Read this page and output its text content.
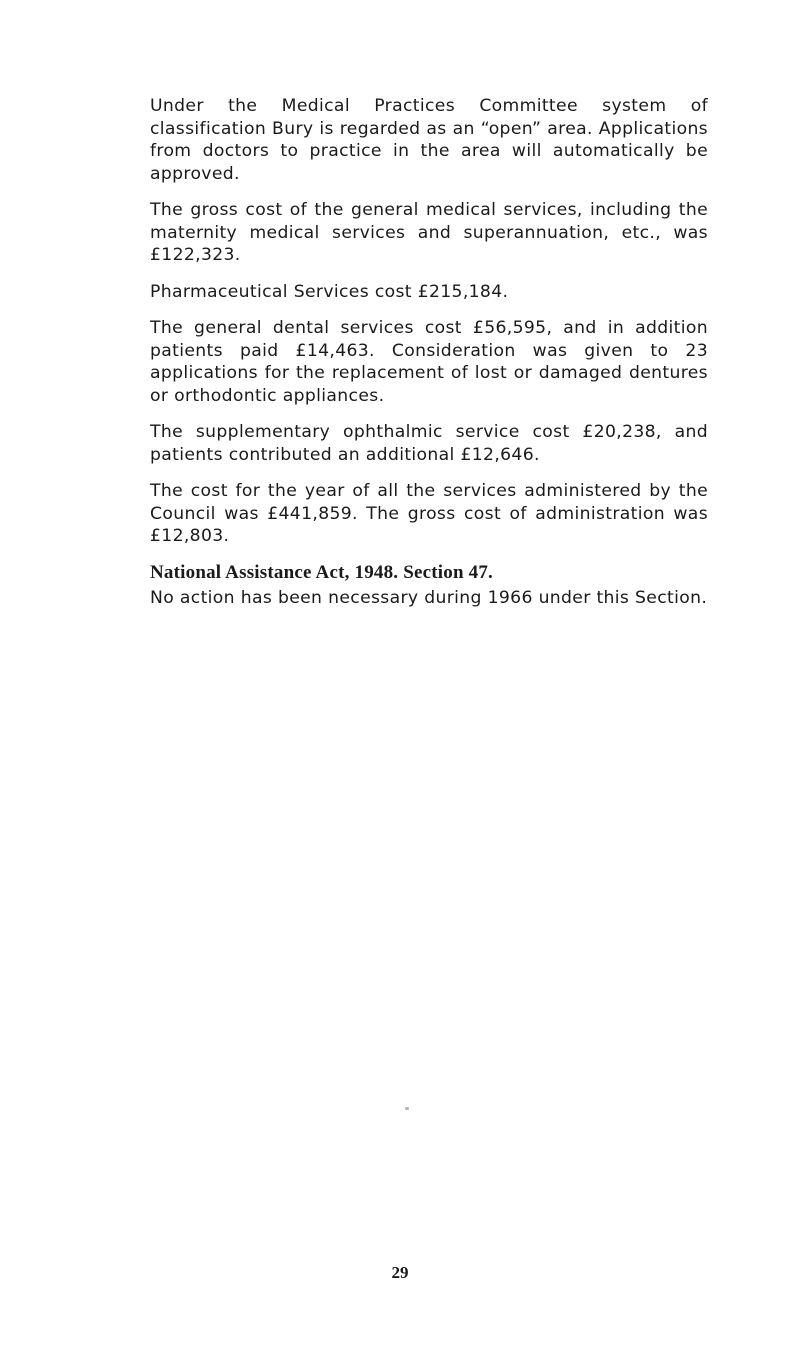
Under the Medical Practices Committee system of classification Bury is regarded as an “open” area. Applications from doctors to practice in the area will automatically be approved.

The gross cost of the general medical services, including the maternity medical services and superannuation, etc., was £122,323.

Pharmaceutical Services cost £215,184.

The general dental services cost £56,595, and in addition patients paid £14,463. Consideration was given to 23 applications for the replacement of lost or damaged dentures or orthodontic appliances.

The supplementary ophthalmic service cost £20,238, and patients contributed an additional £12,646.

The cost for the year of all the services administered by the Council was £441,859. The gross cost of administration was £12,803.

National Assistance Act, 1948. Section 47.

No action has been necessary during 1966 under this Section.

29
